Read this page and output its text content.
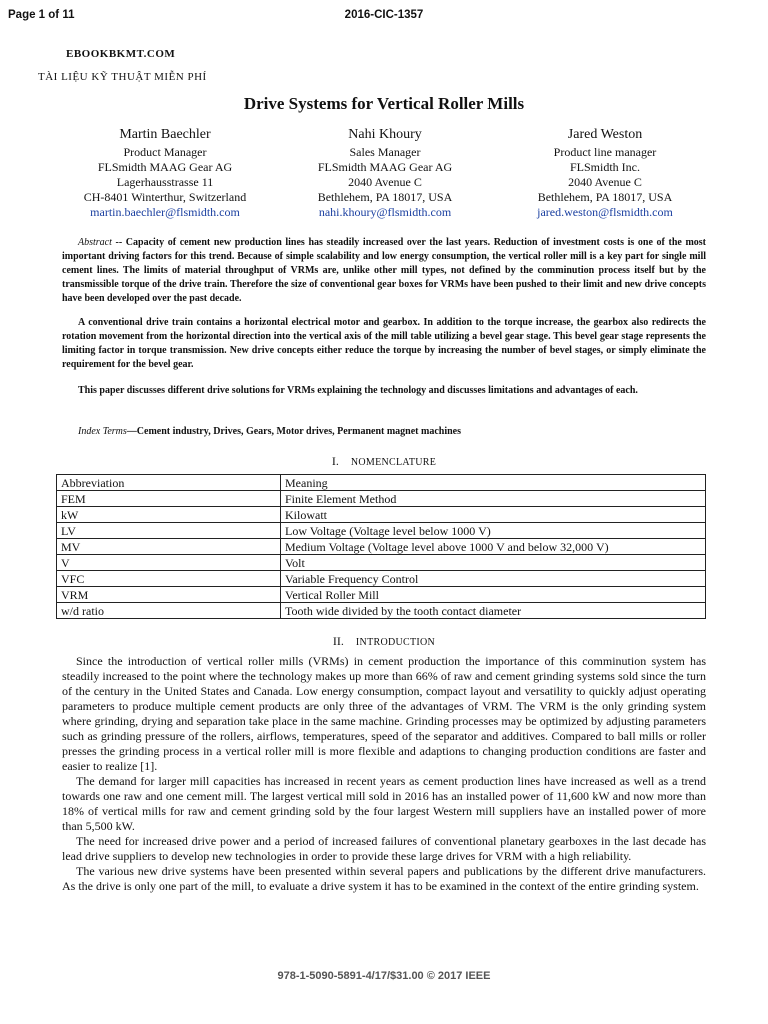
Page 1 of 11	2016-CIC-1357
EBOOKBKMT.COM
TÀI LIỆU KỸ THUẬT MIỄN PHÍ
Drive Systems for Vertical Roller Mills
Martin Baechler
Product Manager
FLSmidth MAAG Gear AG
Lagerhausstrasse 11
CH-8401 Winterthur, Switzerland
martin.baechler@flsmidth.com
Nahi Khoury
Sales Manager
FLSmidth MAAG Gear AG
2040 Avenue C
Bethlehem, PA 18017, USA
nahi.khoury@flsmidth.com
Jared Weston
Product line manager
FLSmidth Inc.
2040 Avenue C
Bethlehem, PA 18017, USA
jared.weston@flsmidth.com
Abstract -- Capacity of cement new production lines has steadily increased over the last years. Reduction of investment costs is one of the most important driving factors for this trend. Because of simple scalability and low energy consumption, the vertical roller mill is a key part for single mill cement lines. The limits of material throughput of VRMs are, unlike other mill types, not defined by the comminution process itself but by the transmissible torque of the drive train. Therefore the size of conventional gear boxes for VRMs have been pushed to their limit and new drive concepts have been developed over the past decade.
A conventional drive train contains a horizontal electrical motor and gearbox. In addition to the torque increase, the gearbox also redirects the rotation movement from the horizontal direction into the vertical axis of the mill table utilizing a bevel gear stage. This bevel gear stage represents the limiting factor in torque transmission. New drive concepts either reduce the torque by increasing the number of bevel stages, or simply eliminate the requirement for the bevel gear.
This paper discusses different drive solutions for VRMs explaining the technology and discusses limitations and advantages of each.
Index Terms—Cement industry, Drives, Gears, Motor drives, Permanent magnet machines
I. NOMENCLATURE
Abbreviation	Meaning
FEM	Finite Element Method
kW	Kilowatt
LV	Low Voltage (Voltage level below 1000 V)
MV	Medium Voltage (Voltage level above 1000 V and below 32,000 V)
V	Volt
VFC	Variable Frequency Control
VRM	Vertical Roller Mill
w/d ratio	Tooth wide divided by the tooth contact diameter
II. INTRODUCTION

Since the introduction of vertical roller mills (VRMs) in cement production the importance of this comminution system has steadily increased to the point where the technology makes up more than 66% of raw and cement grinding systems sold since the turn of the century in the United States and Canada. Low energy consumption, compact layout and versatility to quickly adjust operating parameters to produce multiple cement products are only three of the advantages of VRM. The VRM is the only grinding system where grinding, drying and separation take place in the same machine. Grinding processes may be optimized by adjusting parameters such as grinding pressure of the rollers, airflows, temperatures, speed of the separator and additives. Compared to ball mills or roller presses the grinding process in a vertical roller mill is more flexible and adaptions to changing production conditions are faster and easier to realize [1].

The demand for larger mill capacities has increased in recent years as cement production lines have increased as well as a trend towards one raw and one cement mill. The largest vertical mill sold in 2016 has an installed power of 11,600 kW and now more than 18% of vertical mills for raw and cement grinding sold by the four largest Western mill suppliers have an installed power of more than 5,500 kW.

The need for increased drive power and a period of increased failures of conventional planetary gearboxes in the last decade has lead drive suppliers to develop new technologies in order to provide these large drives for VRM with a high reliability.

The various new drive systems have been presented within several papers and publications by the different drive manufacturers. As the drive is only one part of the mill, to evaluate a drive system it has to be examined in the context of the entire grinding system.

978-1-5090-5891-4/17/$31.00 © 2017 IEEE
